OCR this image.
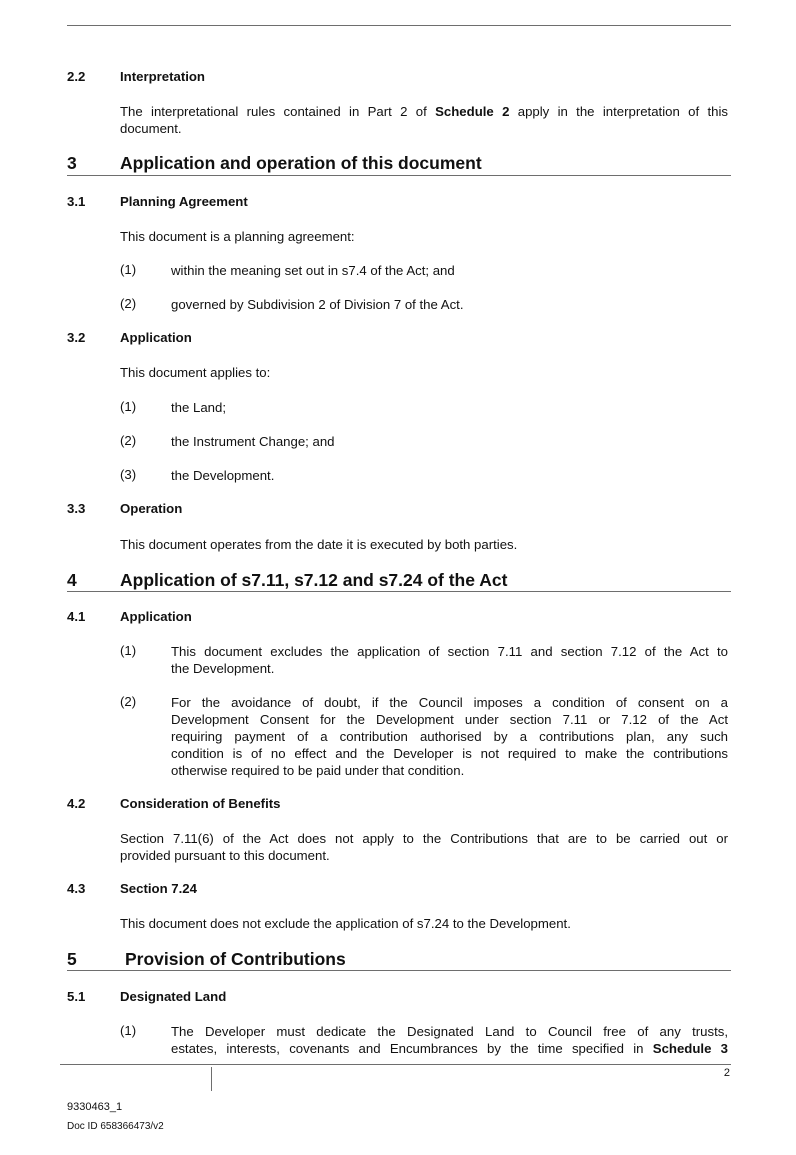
2.2	Interpretation
The interpretational rules contained in Part 2 of Schedule 2 apply in the interpretation of this
document.
3 Application and operation of this document
3.1	Planning Agreement
This document is a planning agreement:
(1)	within the meaning set out in s7.4 of the Act; and
(2)	governed by Subdivision 2 of Division 7 of the Act.
3.2	Application
This document applies to:
(1)	the Land;
(2)	the Instrument Change; and
(3)	the Development.
3.3	Operation
This document operates from the date it is executed by both parties.
4 Application of s7.11, s7.12 and s7.24 of the Act
4.1	Application
(1)	This document excludes the application of section 7.11 and section 7.12 of the Act to
the Development.
(2)	For the avoidance of doubt, if the Council imposes a condition of consent on a
Development Consent for the Development under section 7.11 or 7.12 of the Act
requiring payment of a contribution authorised by a contributions plan, any such
condition is of no effect and the Developer is not required to make the contributions
otherwise required to be paid under that condition.
4.2	Consideration of Benefits
Section 7.11(6) of the Act does not apply to the Contributions that are to be carried out or
provided pursuant to this document.
4.3	Section 7.24
This document does not exclude the application of s7.24 to the Development.
5	Provision of Contributions
5.1	Designated Land
(1)	The Developer must dedicate the Designated Land to Council free of any trusts,
estates, interests, covenants and Encumbrances by the time specified in Schedule 3
2
9330463_1
Doc ID 658366473/v2
